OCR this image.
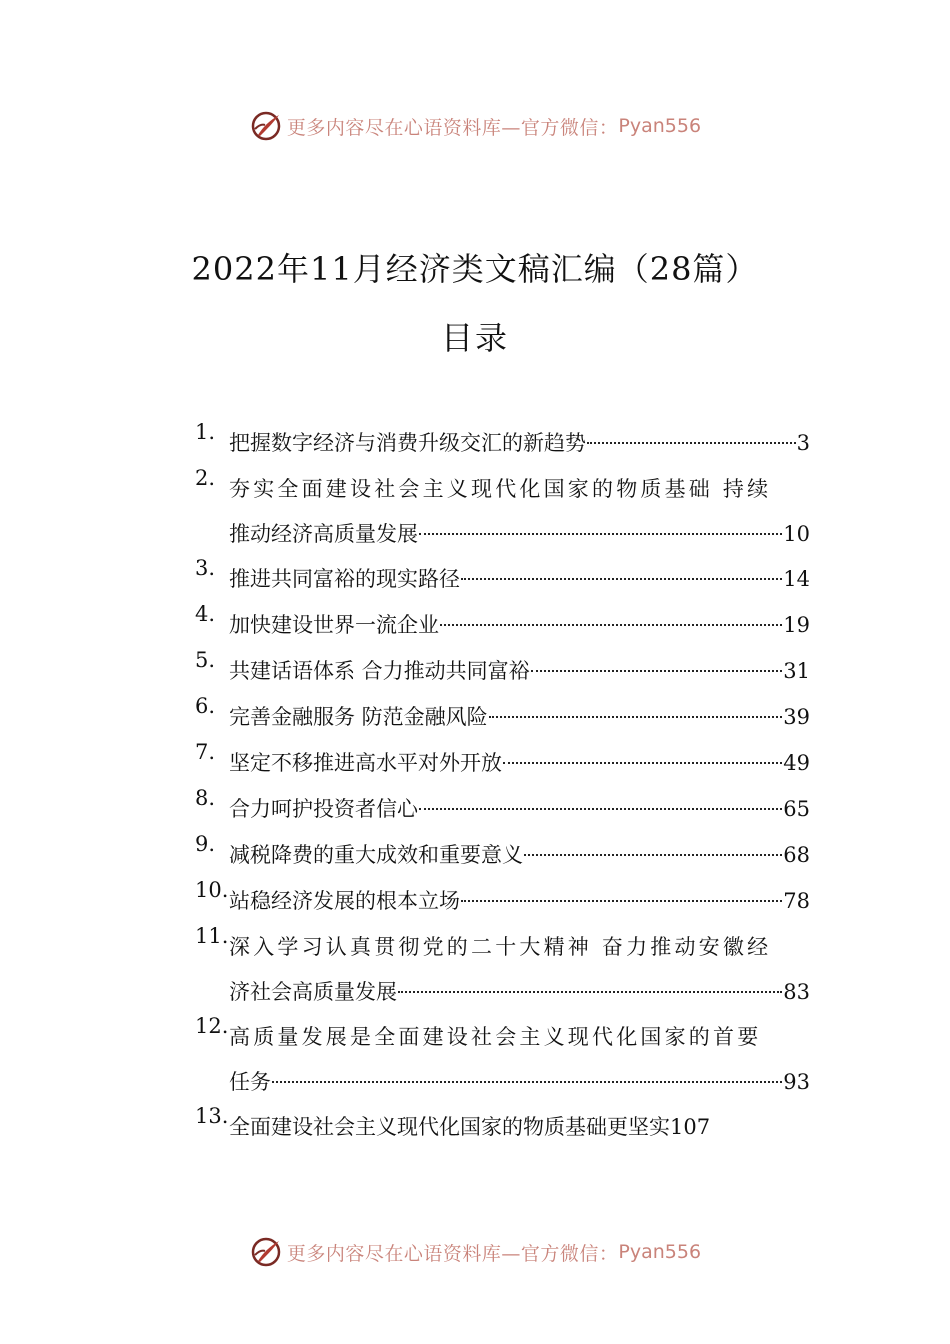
更多内容尽在心语资料库—官方微信： Pyan556
2022年11月经济类文稿汇编（28篇）
目录
1. 把握数字经济与消费升级交汇的新趋势	3
2. 夯实全面建设社会主义现代化国家的物质基础 持续
推动经济高质量发展	10
3. 推进共同富裕的现实路径	14
4. 加快建设世界一流企业	19
5. 共建话语体系 合力推动共同富裕	31
6. 完善金融服务 防范金融风险	39
7. 坚定不移推进高水平对外开放	49
8. 合力呵护投资者信心	65
9. 减税降费的重大成效和重要意义	68
10. 站稳经济发展的根本立场	78
11. 深入学习认真贯彻党的二十大精神 奋力推动安徽经
济社会高质量发展	83
12. 高质量发展是全面建设社会主义现代化国家的首要
任务	93
13. 全面建设社会主义现代化国家的物质基础更坚实 107
更多内容尽在心语资料库—官方微信： Pyan556
